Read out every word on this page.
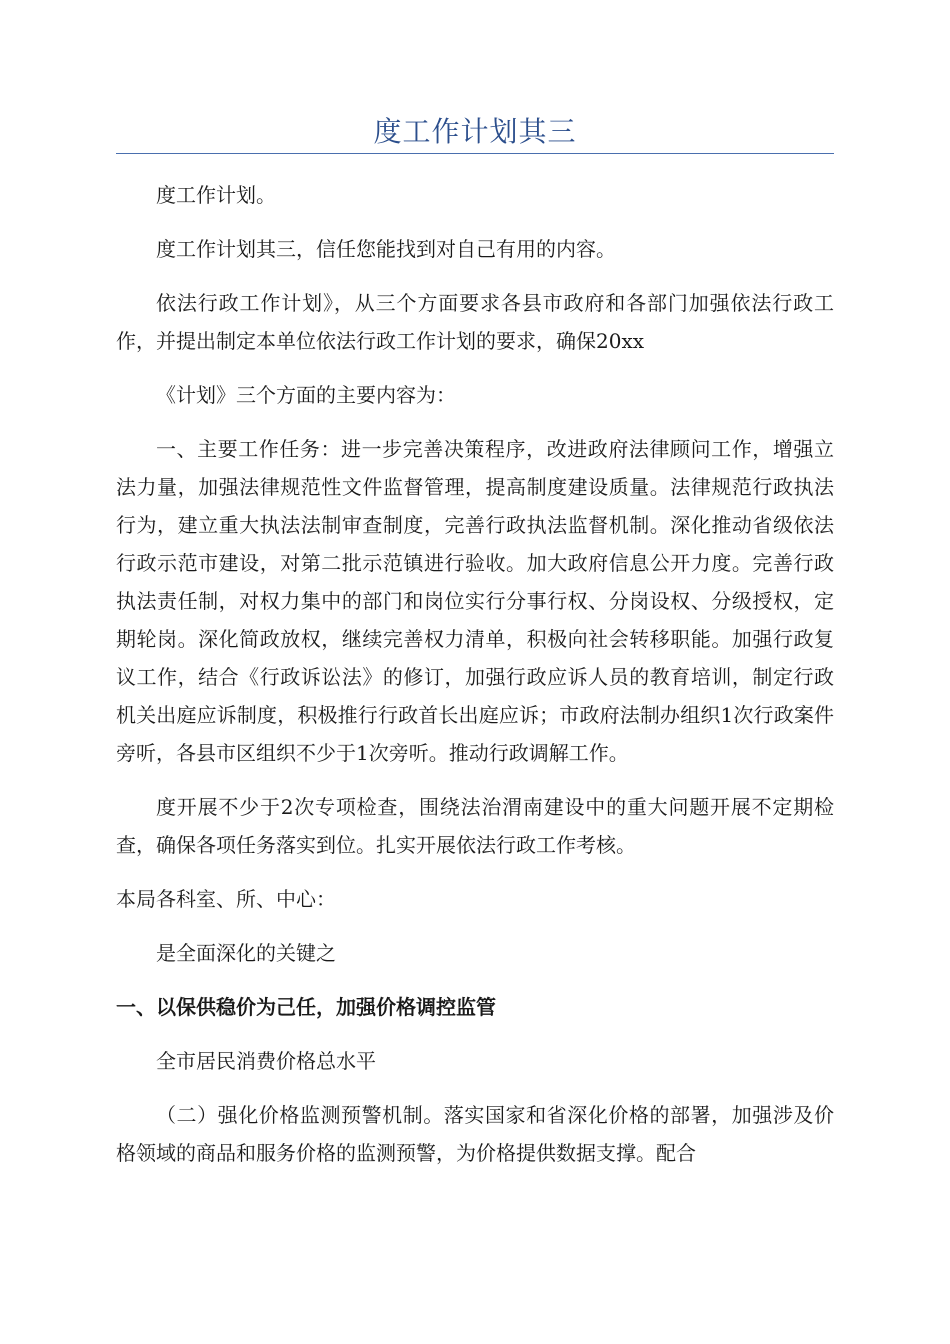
度工作计划其三

度工作计划。

度工作计划其三，信任您能找到对自己有用的内容。

依法行政工作计划》，从三个方面要求各县市政府和各部门加强依法行政工作，并提出制定本单位依法行政工作计划的要求，确保20xx

《计划》三个方面的主要内容为：

一、主要工作任务：进一步完善决策程序，改进政府法律顾问工作，增强立法力量，加强法律规范性文件监督管理，提高制度建设质量。法律规范行政执法行为，建立重大执法法制审查制度，完善行政执法监督机制。深化推动省级依法行政示范市建设，对第二批示范镇进行验收。加大政府信息公开力度。完善行政执法责任制，对权力集中的部门和岗位实行分事行权、分岗设权、分级授权，定期轮岗。深化简政放权，继续完善权力清单，积极向社会转移职能。加强行政复议工作，结合《行政诉讼法》的修订，加强行政应诉人员的教育培训，制定行政机关出庭应诉制度，积极推行行政首长出庭应诉；市政府法制办组织1次行政案件旁听，各县市区组织不少于1次旁听。推动行政调解工作。

度开展不少于2次专项检查，围绕法治渭南建设中的重大问题开展不定期检查，确保各项任务落实到位。扎实开展依法行政工作考核。

本局各科室、所、中心：

是全面深化的关键之

一、以保供稳价为己任，加强价格调控监管

全市居民消费价格总水平

（二）强化价格监测预警机制。落实国家和省深化价格的部署，加强涉及价格领域的商品和服务价格的监测预警，为价格提供数据支撑。配合
